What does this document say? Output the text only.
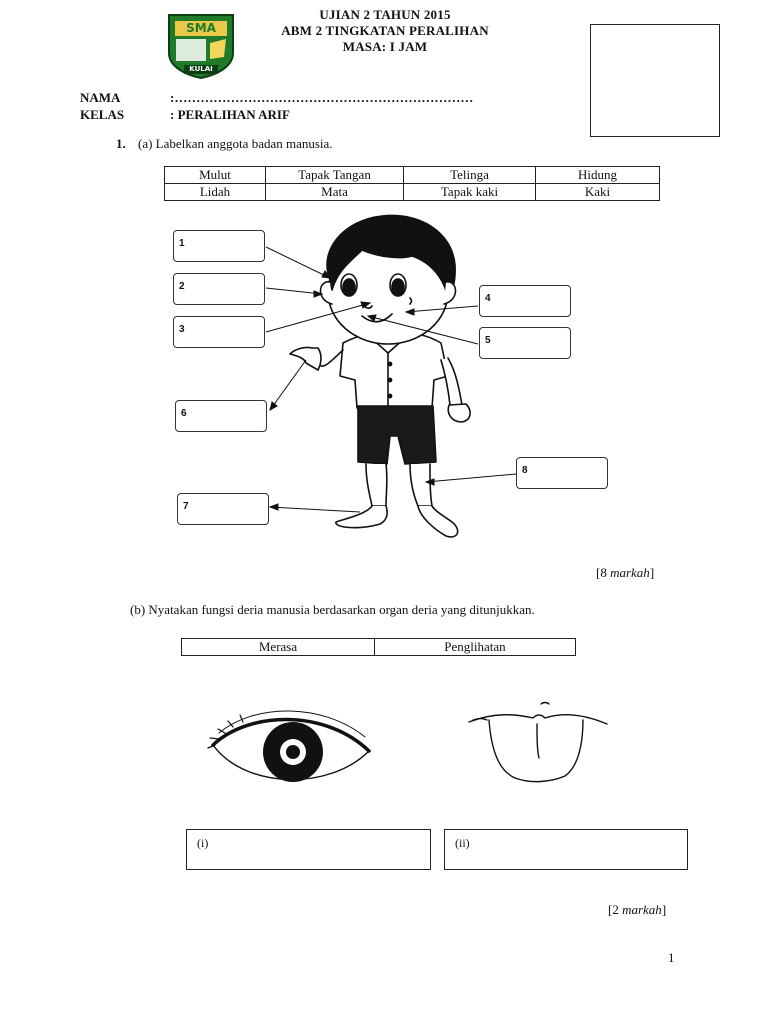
SMA
KULAI
UJIAN 2 TAHUN 2015
ABM 2 TINGKATAN PERALIHAN
MASA: I JAM
NAMA	:……………………………………………………………
KELAS	: PERALIHAN ARIF
1. (a) Labelkan anggota badan manusia.
Mulut	Tapak Tangan	Telinga	Hidung
Lidah	Mata	Tapak kaki	Kaki
1
2
3
4
5
6
7
8
[8 markah]
(b) Nyatakan fungsi deria manusia berdasarkan organ deria yang ditunjukkan.
Merasa	Penglihatan
(i)	(ii)
[2 markah]
1
